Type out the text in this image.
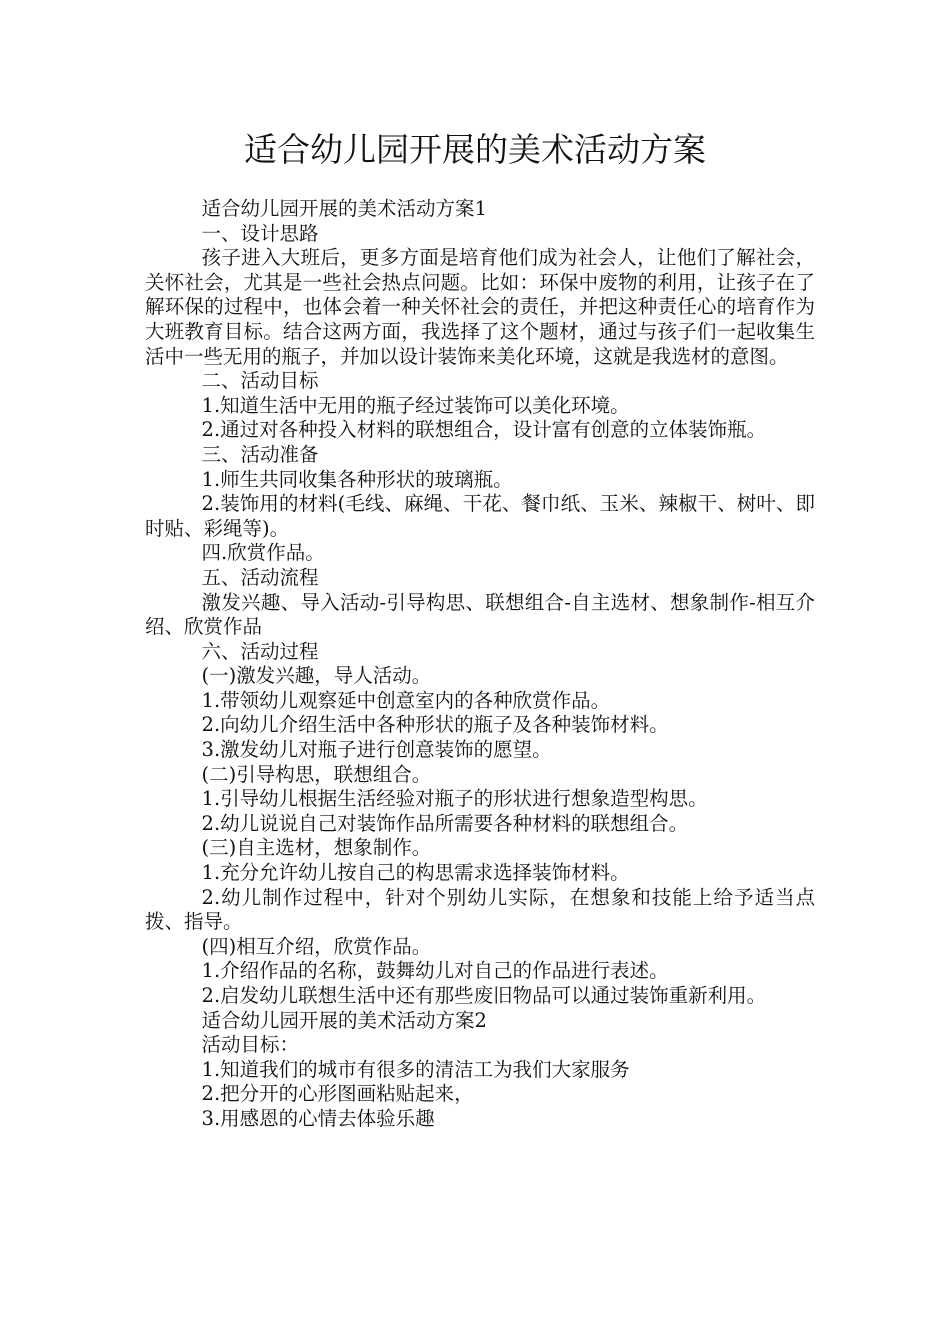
适合幼儿园开展的美术活动方案

适合幼儿园开展的美术活动方案1

一、设计思路

孩子进入大班后，更多方面是培育他们成为社会人，让他们了解社会，关怀社会，尤其是一些社会热点问题。比如：环保中废物的利用，让孩子在了解环保的过程中，也体会着一种关怀社会的责任，并把这种责任心的培育作为大班教育目标。结合这两方面，我选择了这个题材，通过与孩子们一起收集生活中一些无用的瓶子，并加以设计装饰来美化环境，这就是我选材的意图。

二、活动目标

1.知道生活中无用的瓶子经过装饰可以美化环境。

2.通过对各种投入材料的联想组合，设计富有创意的立体装饰瓶。

三、活动准备

1.师生共同收集各种形状的玻璃瓶。

2.装饰用的材料(毛线、麻绳、干花、餐巾纸、玉米、辣椒干、树叶、即时贴、彩绳等)。

四.欣赏作品。

五、活动流程

激发兴趣、导入活动-引导构思、联想组合-自主选材、想象制作-相互介绍、欣赏作品

六、活动过程

(一)激发兴趣，导人活动。

1.带领幼儿观察延中创意室内的各种欣赏作品。

2.向幼儿介绍生活中各种形状的瓶子及各种装饰材料。

3.激发幼儿对瓶子进行创意装饰的愿望。

(二)引导构思，联想组合。

1.引导幼儿根据生活经验对瓶子的形状进行想象造型构思。

2.幼儿说说自己对装饰作品所需要各种材料的联想组合。

(三)自主选材，想象制作。

1.充分允许幼儿按自己的构思需求选择装饰材料。

2.幼儿制作过程中，针对个别幼儿实际，在想象和技能上给予适当点拨、指导。

(四)相互介绍，欣赏作品。

1.介绍作品的名称，鼓舞幼儿对自己的作品进行表述。

2.启发幼儿联想生活中还有那些废旧物品可以通过装饰重新利用。

适合幼儿园开展的美术活动方案2

活动目标：

1.知道我们的城市有很多的清洁工为我们大家服务

2.把分开的心形图画粘贴起来，

3.用感恩的心情去体验乐趣
